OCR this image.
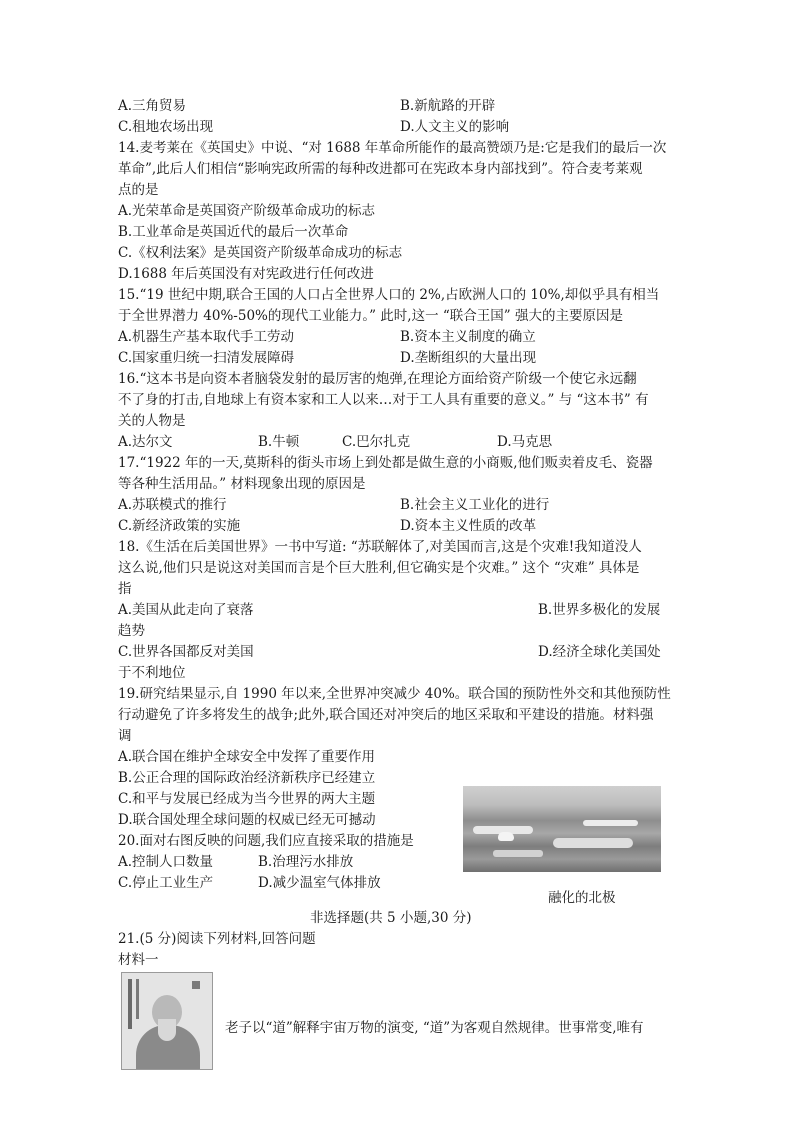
A.三角贸易	B.新航路的开辟
C.租地农场出现	D.人文主义的影响
14.麦考莱在《英国史》中说、“对 1688 年革命所能作的最高赞颂乃是:它是我们的最后一次
革命”,此后人们相信“影响宪政所需的每种改进都可在宪政本身内部找到”。符合麦考莱观
点的是
A.光荣革命是英国资产阶级革命成功的标志
B.工业革命是英国近代的最后一次革命
C.《权利法案》是英国资产阶级革命成功的标志
D.1688 年后英国没有对宪政进行任何改进
15.“19 世纪中期,联合王国的人口占全世界人口的 2%,占欧洲人口的 10%,却似乎具有相当
于全世界潜力 40%-50%的现代工业能力。” 此时,这一 “联合王国” 强大的主要原因是
A.机器生产基本取代手工劳动	B.资本主义制度的确立
C.国家重归统一扫清发展障碍	D.垄断组织的大量出现
16.“这本书是向资本者脑袋发射的最厉害的炮弹,在理论方面给资产阶级一个使它永远翻
不了身的打击,自地球上有资本家和工人以来…对于工人具有重要的意义。” 与 “这本书” 有
关的人物是
A.达尔文	B.牛顿	C.巴尔扎克	D.马克思
17.“1922 年的一天,莫斯科的街头市场上到处都是做生意的小商贩,他们贩卖着皮毛、瓷器
等各种生活用品。” 材料现象出现的原因是
A.苏联模式的推行	B.社会主义工业化的进行
C.新经济政策的实施	D.资本主义性质的改革
18.《生活在后美国世界》一书中写道: “苏联解体了,对美国而言,这是个灾难!我知道没人
这么说,他们只是说这对美国而言是个巨大胜利,但它确实是个灾难。” 这个 “灾难” 具体是
指
A.美国从此走向了衰落	B.世界多极化的发展
趋势
C.世界各国都反对美国	D.经济全球化美国处
于不利地位
19.研究结果显示,自 1990 年以来,全世界冲突减少 40%。联合国的预防性外交和其他预防性
行动避免了许多将发生的战争;此外,联合国还对冲突后的地区采取和平建设的措施。材料强
调
A.联合国在维护全球安全中发挥了重要作用
B.公正合理的国际政治经济新秩序已经建立
C.和平与发展已经成为当今世界的两大主题
D.联合国处理全球问题的权威已经无可撼动
20.面对右图反映的问题,我们应直接采取的措施是
A.控制人口数量	B.治理污水排放
C.停止工业生产	D.减少温室气体排放
融化的北极
非选择题(共 5 小题,30 分)
21.(5 分)阅读下列材料,回答问题
材料一
老子以“道”解释宇宙万物的演变, “道”为客观自然规律。世事常变,唯有
